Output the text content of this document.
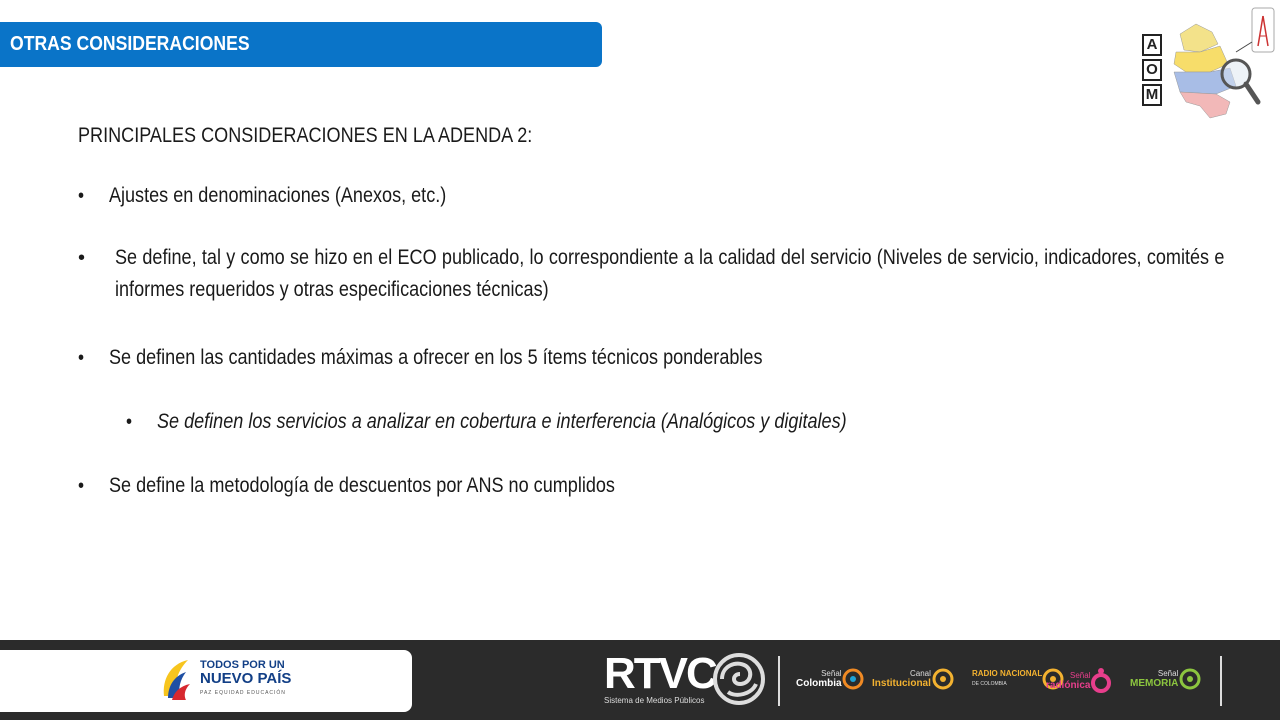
OTRAS CONSIDERACIONES	A
O
M
PRINCIPALES CONSIDERACIONES EN LA ADENDA 2:
•	Ajustes en denominaciones (Anexos, etc.)
•	Se define, tal y como se hizo en el ECO publicado, lo correspondiente a la calidad del servicio (Niveles de servicio, indicadores, comités e informes requeridos y otras especificaciones técnicas)
•	Se definen las cantidades máximas a ofrecer en los 5 ítems técnicos ponderables
•	Se definen los servicios a analizar en cobertura e interferencia (Analógicos y digitales)
•	Se define la metodología de descuentos por ANS no cumplidos
TODOS POR UN
NUEVO PAÍS
PAZ EQUIDAD EDUCACIÓN	RTVC
Sistema de Medios Públicos
Señal
Colombia
Canal
Institucional
RADIO NACIONAL
DE COLOMBIA
Señal
radiónica
Señal
MEMORIA
